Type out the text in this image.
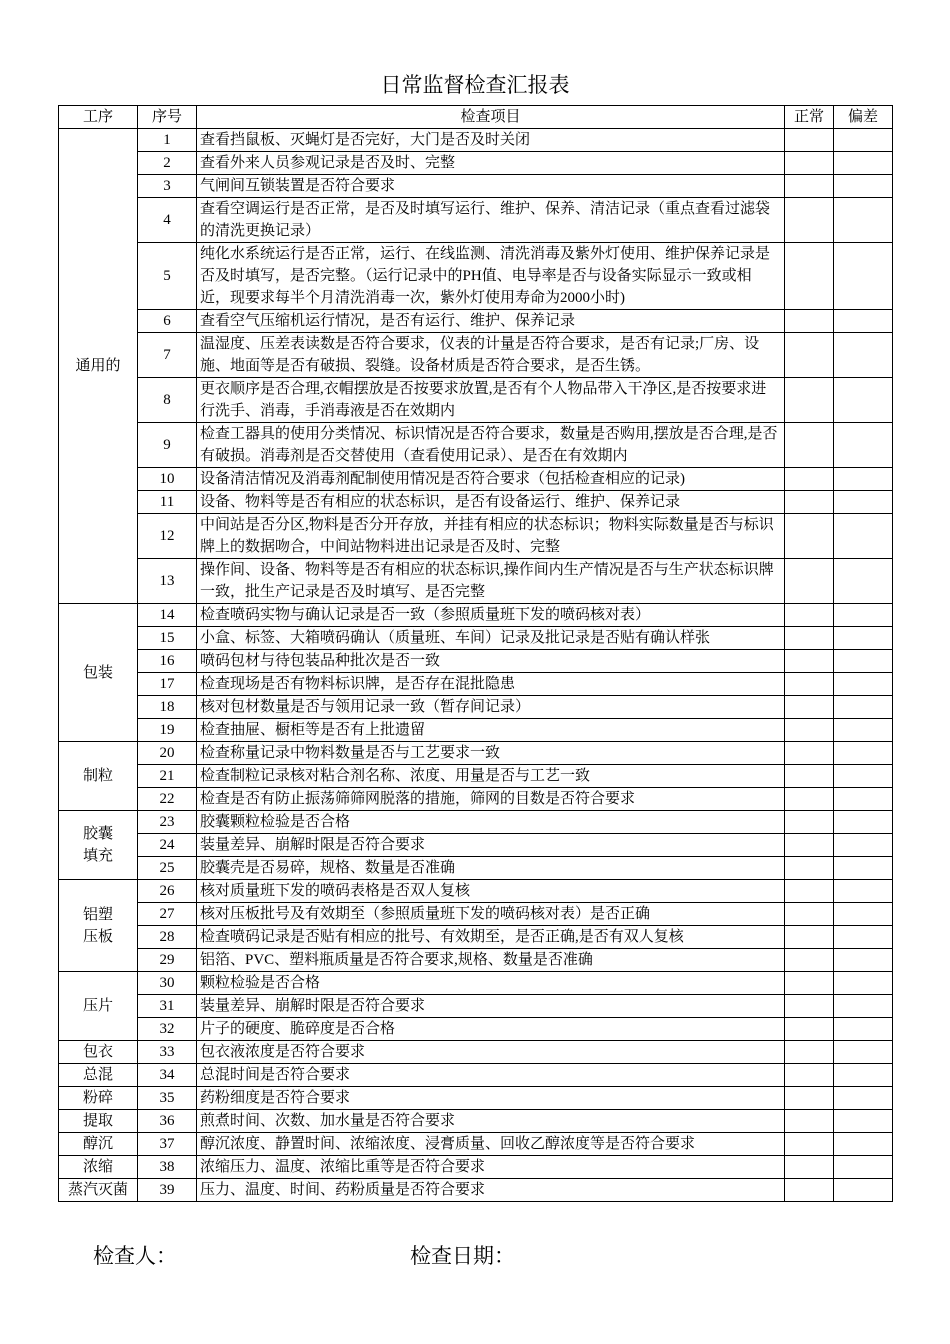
日常监督检查汇报表
工序	序号	检查项目	正常	偏差
通用的	1	查看挡鼠板、灭蝇灯是否完好，大门是否及时关闭		
	2	查看外来人员参观记录是否及时、完整		
	3	气闸间互锁装置是否符合要求		
	4	查看空调运行是否正常，是否及时填写运行、维护、保养、清洁记录（重点查看过滤袋的清洗更换记录）		
	5	纯化水系统运行是否正常，运行、在线监测、清洗消毒及紫外灯使用、维护保养记录是否及时填写，是否完整。（运行记录中的PH值、电导率是否与设备实际显示一致或相近，现要求每半个月清洗消毒一次，紫外灯使用寿命为2000小时)		
	6	查看空气压缩机运行情况，是否有运行、维护、保养记录		
	7	温湿度、压差表读数是否符合要求，仪表的计量是否符合要求，是否有记录;厂房、设施、地面等是否有破损、裂缝。设备材质是否符合要求，是否生锈。		
	8	更衣顺序是否合理,衣帽摆放是否按要求放置,是否有个人物品带入干净区,是否按要求进行洗手、消毒，手消毒液是否在效期内		
	9	检查工器具的使用分类情况、标识情况是否符合要求，数量是否购用,摆放是否合理,是否有破损。消毒剂是否交替使用（查看使用记录）、是否在有效期内		
	10	设备清洁情况及消毒剂配制使用情况是否符合要求（包括检查相应的记录)		
	11	设备、物料等是否有相应的状态标识，是否有设备运行、维护、保养记录		
	12	中间站是否分区,物料是否分开存放，并挂有相应的状态标识；物料实际数量是否与标识牌上的数据吻合，中间站物料进出记录是否及时、完整		
	13	操作间、设备、物料等是否有相应的状态标识,操作间内生产情况是否与生产状态标识牌一致，批生产记录是否及时填写、是否完整		
包装	14	检查喷码实物与确认记录是否一致（参照质量班下发的喷码核对表）		
	15	小盒、标签、大箱喷码确认（质量班、车间）记录及批记录是否贴有确认样张		
	16	喷码包材与待包装品种批次是否一致		
	17	检查现场是否有物料标识牌，是否存在混批隐患		
	18	核对包材数量是否与领用记录一致（暂存间记录）		
	19	检查抽屉、橱柜等是否有上批遗留		
制粒	20	检查称量记录中物料数量是否与工艺要求一致		
	21	检查制粒记录核对粘合剂名称、浓度、用量是否与工艺一致		
	22	检查是否有防止振荡筛筛网脱落的措施，筛网的目数是否符合要求		
胶囊
填充	23	胶囊颗粒检验是否合格		
	24	装量差异、崩解时限是否符合要求		
	25	胶囊壳是否易碎，规格、数量是否准确		
铝塑
压板	26	核对质量班下发的喷码表格是否双人复核		
	27	核对压板批号及有效期至（参照质量班下发的喷码核对表）是否正确		
	28	检查喷码记录是否贴有相应的批号、有效期至，是否正确,是否有双人复核		
	29	铝箔、PVC、塑料瓶质量是否符合要求,规格、数量是否准确		
压片	30	颗粒检验是否合格		
	31	装量差异、崩解时限是否符合要求		
	32	片子的硬度、脆碎度是否合格		
包衣	33	包衣液浓度是否符合要求		
总混	34	总混时间是否符合要求		
粉碎	35	药粉细度是否符合要求		
提取	36	煎煮时间、次数、加水量是否符合要求		
醇沉	37	醇沉浓度、静置时间、浓缩浓度、浸膏质量、回收乙醇浓度等是否符合要求		
浓缩	38	浓缩压力、温度、浓缩比重等是否符合要求		
蒸汽灭菌	39	压力、温度、时间、药粉质量是否符合要求		
检查人：	检查日期：
